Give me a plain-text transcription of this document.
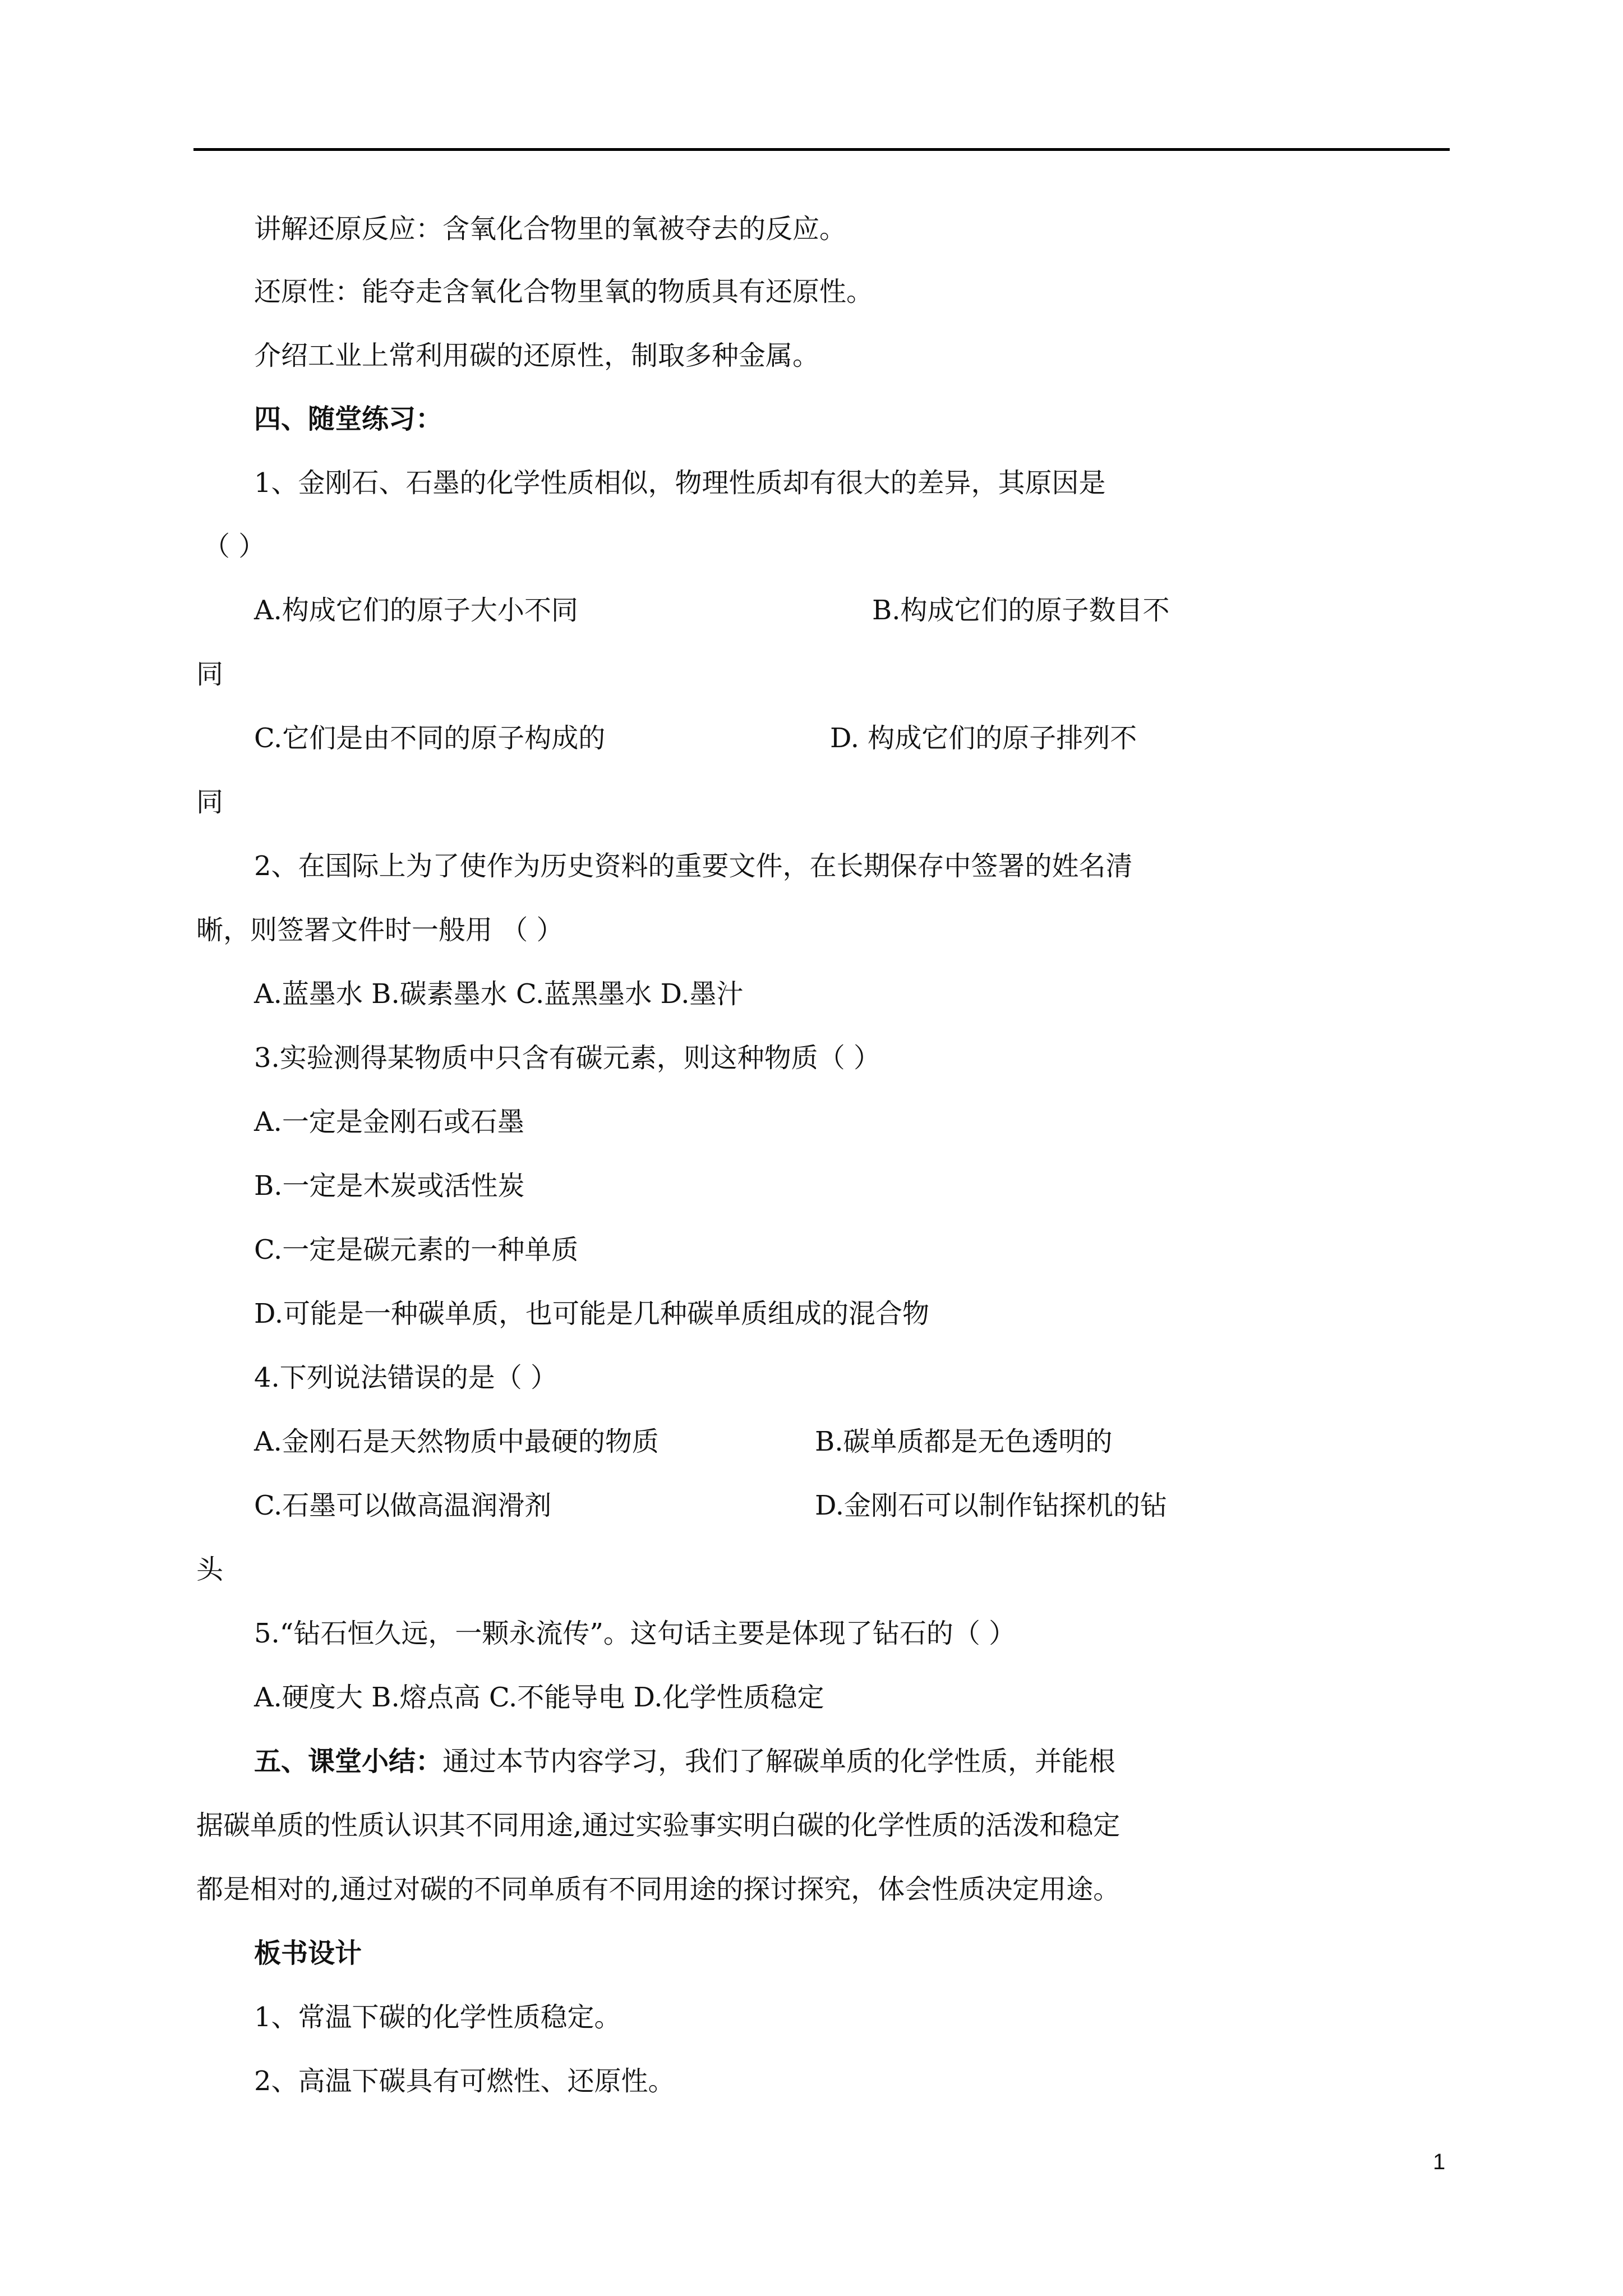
讲解还原反应：含氧化合物里的氧被夺去的反应。
还原性：能夺走含氧化合物里氧的物质具有还原性。
介绍工业上常利用碳的还原性，制取多种金属。
四、随堂练习：
1、金刚石、石墨的化学性质相似，物理性质却有很大的差异，其原因是
（ ）
A.构成它们的原子大小不同	B.构成它们的原子数目不
同
C.它们是由不同的原子构成的	D. 构成它们的原子排列不
同
2、在国际上为了使作为历史资料的重要文件，在长期保存中签署的姓名清
晰，则签署文件时一般用 （ ）
A.蓝墨水 B.碳素墨水 C.蓝黑墨水 D.墨汁
3.实验测得某物质中只含有碳元素，则这种物质（ ）
A.一定是金刚石或石墨
B.一定是木炭或活性炭
C.一定是碳元素的一种单质
D.可能是一种碳单质，也可能是几种碳单质组成的混合物
4.下列说法错误的是（ ）
A.金刚石是天然物质中最硬的物质	B.碳单质都是无色透明的
C.石墨可以做高温润滑剂	D.金刚石可以制作钻探机的钻
头
5.“钻石恒久远，一颗永流传”。这句话主要是体现了钻石的（ ）
A.硬度大 B.熔点高 C.不能导电 D.化学性质稳定
五、课堂小结：通过本节内容学习，我们了解碳单质的化学性质，并能根
据碳单质的性质认识其不同用途,通过实验事实明白碳的化学性质的活泼和稳定
都是相对的,通过对碳的不同单质有不同用途的探讨探究，体会性质决定用途。
板书设计
1、常温下碳的化学性质稳定。
2、高温下碳具有可燃性、还原性。
1
